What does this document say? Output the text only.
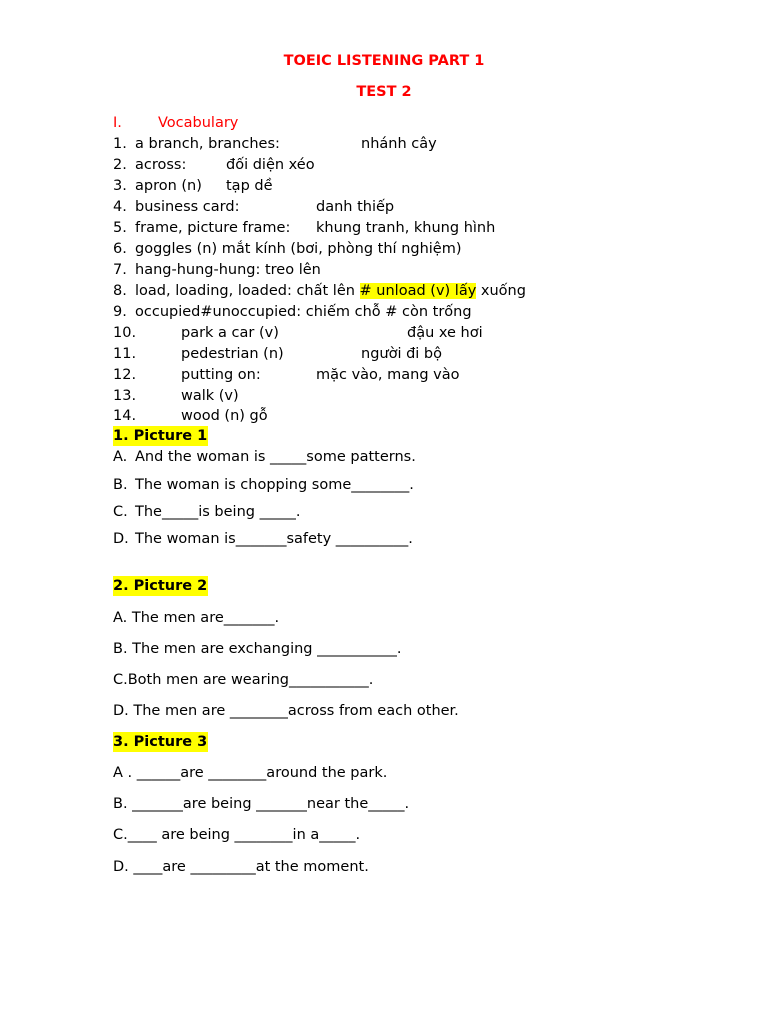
TOEIC LISTENING PART 1
TEST 2
I. Vocabulary
1. a branch, branches:	nhánh cây
2. across:	đối diện xéo
3. apron (n) tạp dề
4. business card:	danh thiếp
5. frame, picture frame: khung tranh, khung hình
6. goggles (n) mắt kính (bơi, phòng thí nghiệm)
7. hang-hung-hung: treo lên
8. load, loading, loaded: chất lên # unload (v) lấy xuống
9. occupied#unoccupied: chiếm chỗ # còn trống
10.	park a car (v)	đậu xe hơi
11.	pedestrian (n)	người đi bộ
12.	putting on:	mặc vào, mang vào
13.	walk (v)
14.	wood (n) gỗ
1. Picture 1
A. And the woman is _____some patterns.
B. The woman is chopping some________.
C. The_____is being _____.
D. The woman is_______safety __________.
2. Picture 2
A. The men are_______.
B. The men are exchanging ___________.
C.Both men are wearing___________.
D. The men are ________across from each other.
3. Picture 3
A . ______are ________around the park.
B. _______are being _______near the_____.
C.____ are being ________in a_____.
D. ____are _________at the moment.
